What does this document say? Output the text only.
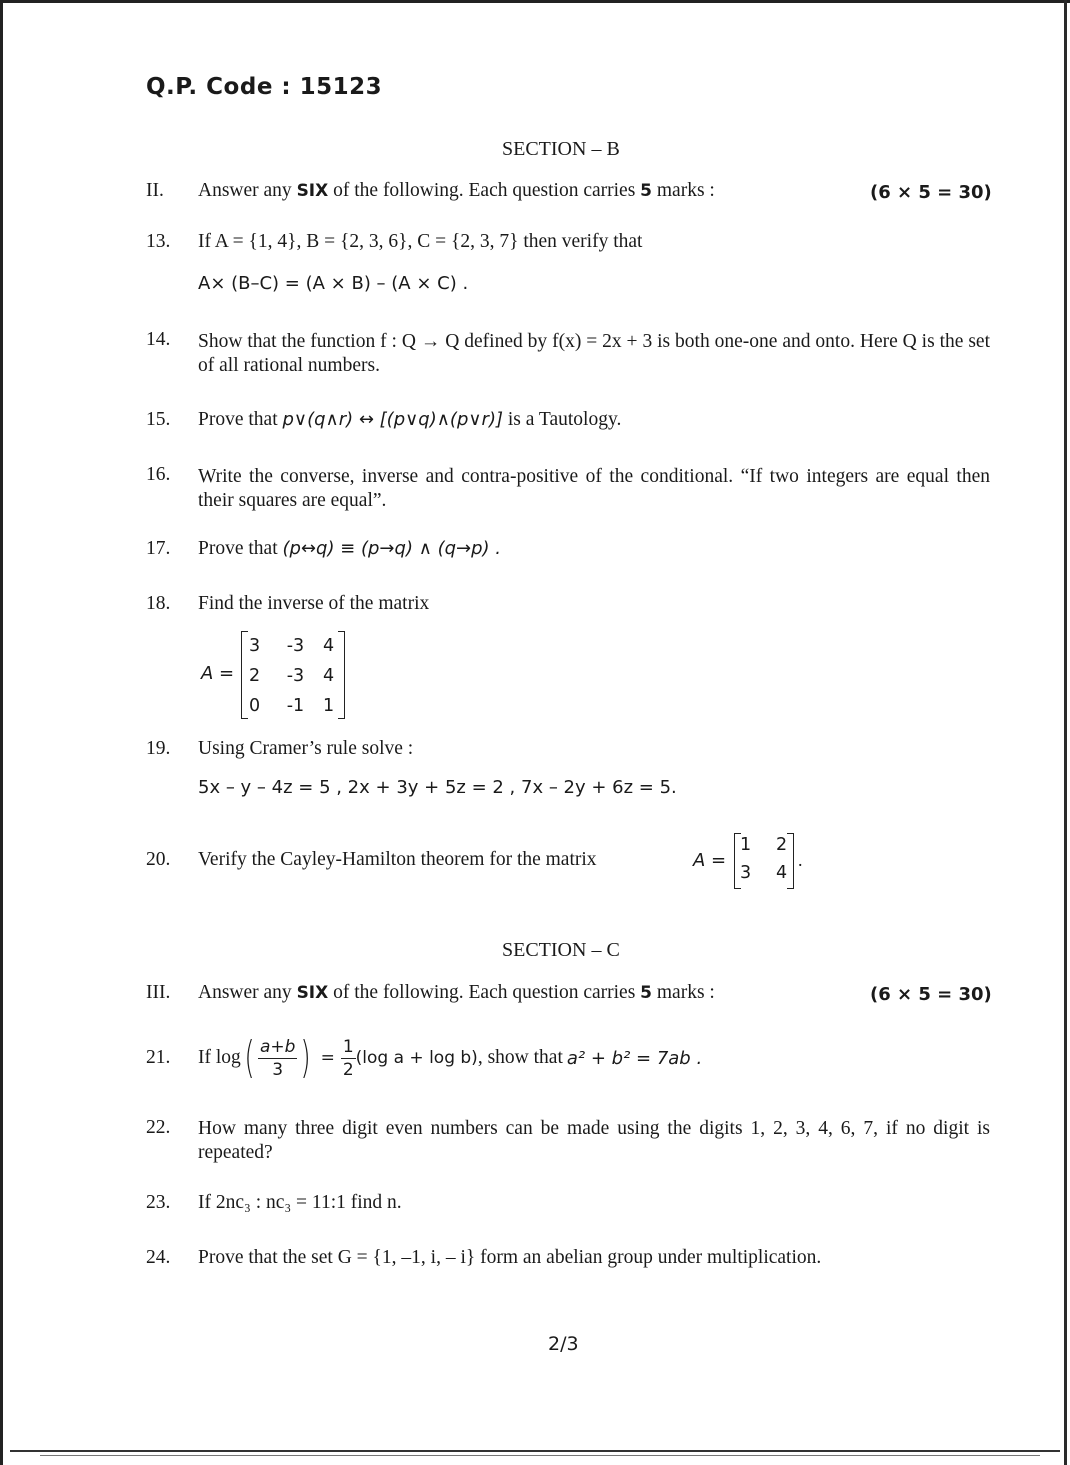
Q.P. Code : 15123
SECTION – B
II. Answer any SIX of the following. Each question carries 5 marks :	(6 × 5 = 30)
13. If A = {1, 4}, B = {2, 3, 6}, C = {2, 3, 7} then verify that
A× (B–C) = (A × B) – (A × C) .
14. Show that the function f : Q → Q defined by f(x) = 2x + 3 is both one-one and onto. Here Q is the set of all rational numbers.
15. Prove that p∨(q∧r) ↔ [(p∨q)∧(p∨r)] is a Tautology.
16. Write the converse, inverse and contra-positive of the conditional. “If two integers are equal then their squares are equal”.
17. Prove that (p↔q) ≡ (p→q) ∧ (q→p) .
18. Find the inverse of the matrix
A =
3	-3	4
2	-3	4
0	-1	1
19. Using Cramer’s rule solve :
5x – y – 4z = 5 , 2x + 3y + 5z = 2 , 7x – 2y + 6z = 5.
20. Verify the Cayley-Hamilton theorem for the matrix	A =
1	2
3	4
.
SECTION – C
III. Answer any SIX of the following. Each question carries 5 marks :	(6 × 5 = 30)
21. If log ( $\frac{a+b}{3}$ ) = $\frac{1}{2} (\log$ a + log b) , show that a² + b² = 7ab .
22. How many three digit even numbers can be made using the digits 1, 2, 3, 4, 6, 7, if no digit is repeated?
23. If 2nc₃ : nc₃ = 11:1 find n.
24. Prove that the set G = {1, –1, i, – i} form an abelian group under multiplication.
2/3
